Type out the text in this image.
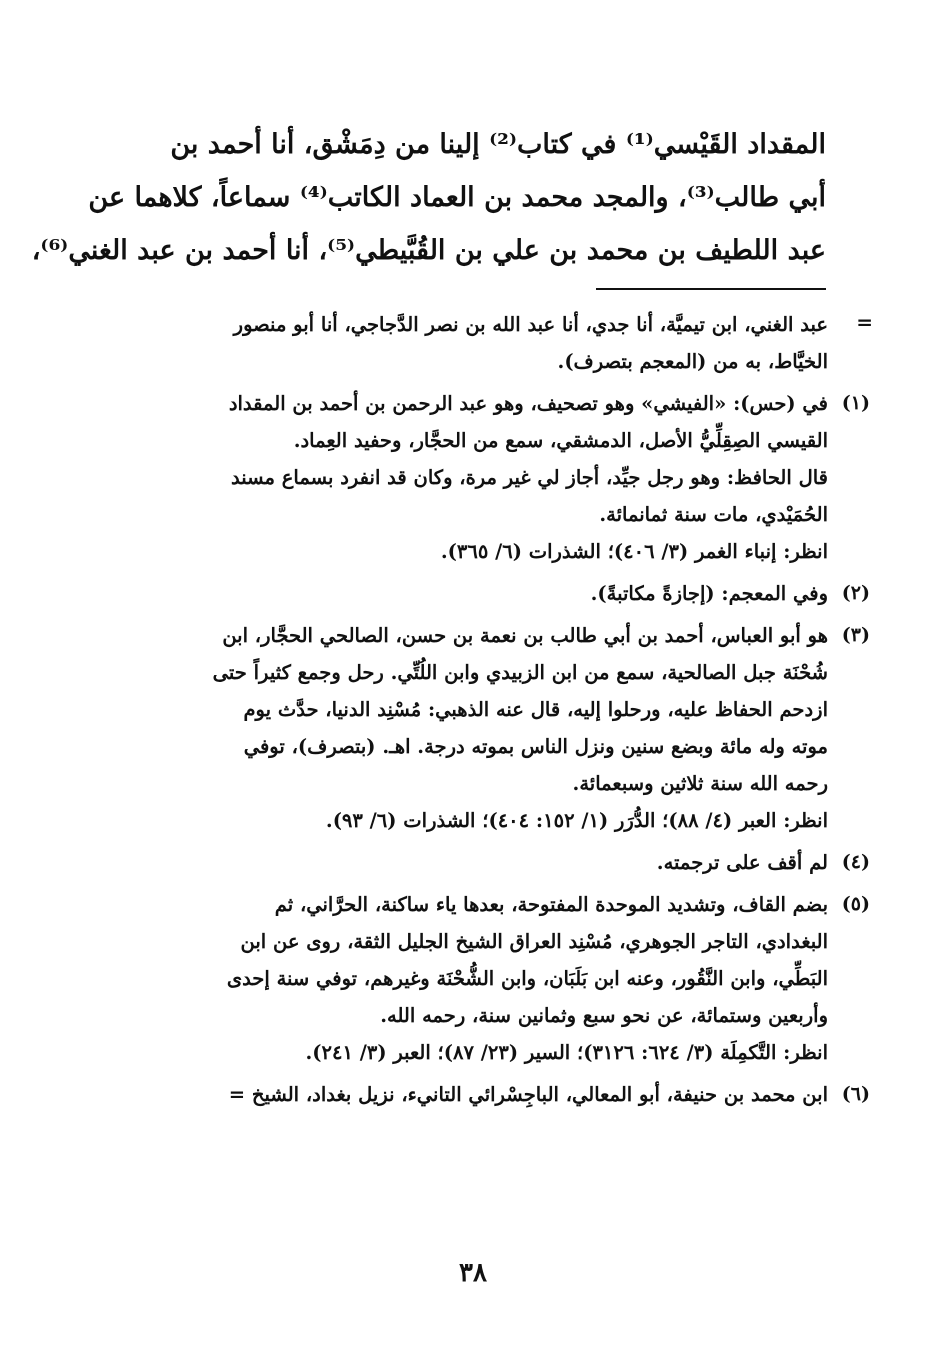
المقداد القَيْسي⁽¹⁾ في كتاب⁽²⁾ إلينا من دِمَشْق، أنا أحمد بن
أبي طالب⁽³⁾، والمجد محمد بن العماد الكاتب⁽⁴⁾ سماعاً، كلاهما عن
عبد اللطيف بن محمد بن علي بن القُبَّيطي⁽⁵⁾، أنا أحمد بن عبد الغني⁽⁶⁾،
=
عبد الغني، ابن تيميَّة، أنا جدي، أنا عبد الله بن نصر الدَّجاجي، أنا أبو منصور
الخيَّاط، به من (المعجم بتصرف).
(١)
في (حس): «الفيشي» وهو تصحيف، وهو عبد الرحمن بن أحمد بن المقداد
القيسي الصِقِلِّيُّ الأصل، الدمشقي، سمع من الحجَّار، وحفيد العِماد.
قال الحافظ: وهو رجل جيِّد، أجاز لي غير مرة، وكان قد انفرد بسماع مسند
الحُمَيْدي، مات سنة ثمانمائة.
انظر: إنباء الغمر (٣/ ٤٠٦)؛ الشذرات (٦/ ٣٦٥).
(٢)
وفي المعجم: (إجازةً مكاتبةً).
(٣)
هو أبو العباس، أحمد بن أبي طالب بن نعمة بن حسن، الصالحي الحجَّار، ابن
شُحْنَة جبل الصالحية، سمع من ابن الزبيدي وابن اللُتِّي. رحل وجمع كثيراً حتى
ازدحم الحفاظ عليه، ورحلوا إليه، قال عنه الذهبي: مُسْنِد الدنيا، حدَّث يوم
موته وله مائة وبضع سنين ونزل الناس بموته درجة. اهـ. (بتصرف)، توفي
رحمه الله سنة ثلاثين وسبعمائة.
انظر: العبر (٤/ ٨٨)؛ الدُّرَر (١/ ١٥٢: ٤٠٤)؛ الشذرات (٦/ ٩٣).
(٤)
لم أقف على ترجمته.
(٥)
بضم القاف، وتشديد الموحدة المفتوحة، بعدها ياء ساكنة، الحرَّاني، ثم
البغدادي، التاجر الجوهري، مُسْنِد العراق الشيخ الجليل الثقة، روى عن ابن
البَطِّي، وابن النَّقُور، وعنه ابن بَلَبَان، وابن الشُّحْنَة وغيرهم، توفي سنة إحدى
وأربعين وستمائة، عن نحو سبع وثمانين سنة، رحمه الله.
انظر: التَّكمِلَة (٣/ ٦٢٤: ٣١٢٦)؛ السير (٢٣/ ٨٧)؛ العبر (٣/ ٢٤١).
(٦)
ابن محمد بن حنيفة، أبو المعالي، الباجِسْرائي التانيء، نزيل بغداد، الشيخ =
٣٨
